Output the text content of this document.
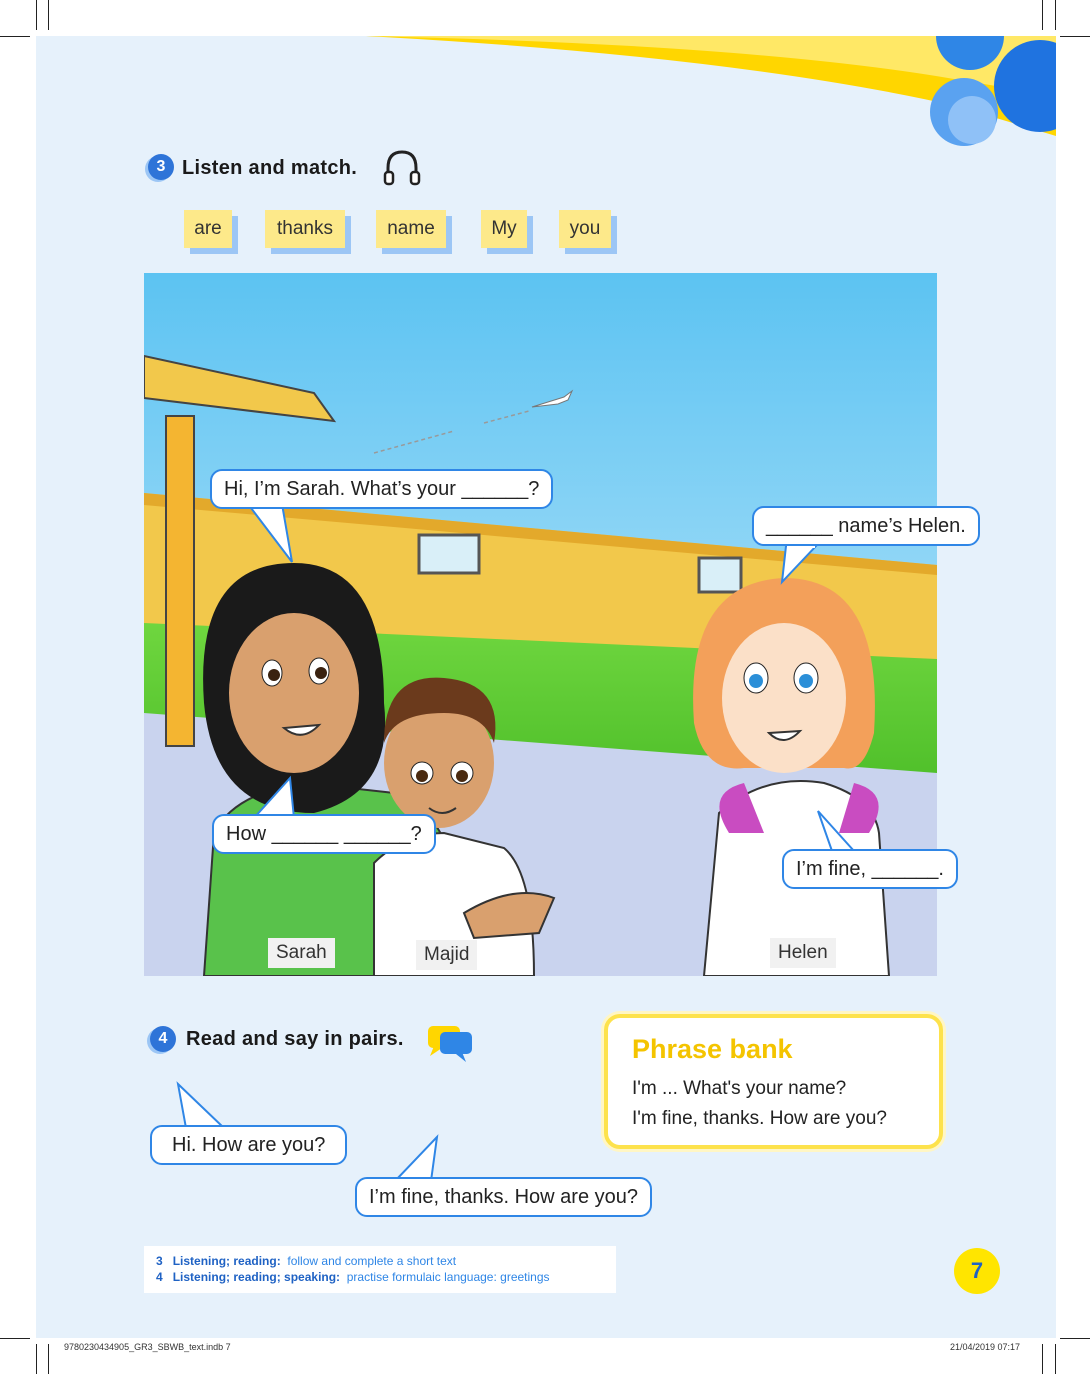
3 Listen and match.
are	thanks	name	My	you
Hi, I’m Sarah. What’s your ______?
______ name’s Helen.
How ______ ______?
I’m fine, ______.
Sarah	Majid	Helen
4 Read and say in pairs.
Hi. How are you?
I’m fine, thanks. How are you?
Phrase bank
I'm ... What's your name?
I'm fine, thanks. How are you?
3 Listening; reading: follow and complete a short text
4 Listening; reading; speaking: practise formulaic language: greetings	7
9780230434905_GR3_SBWB_text.indb 7	21/04/2019 07:17
